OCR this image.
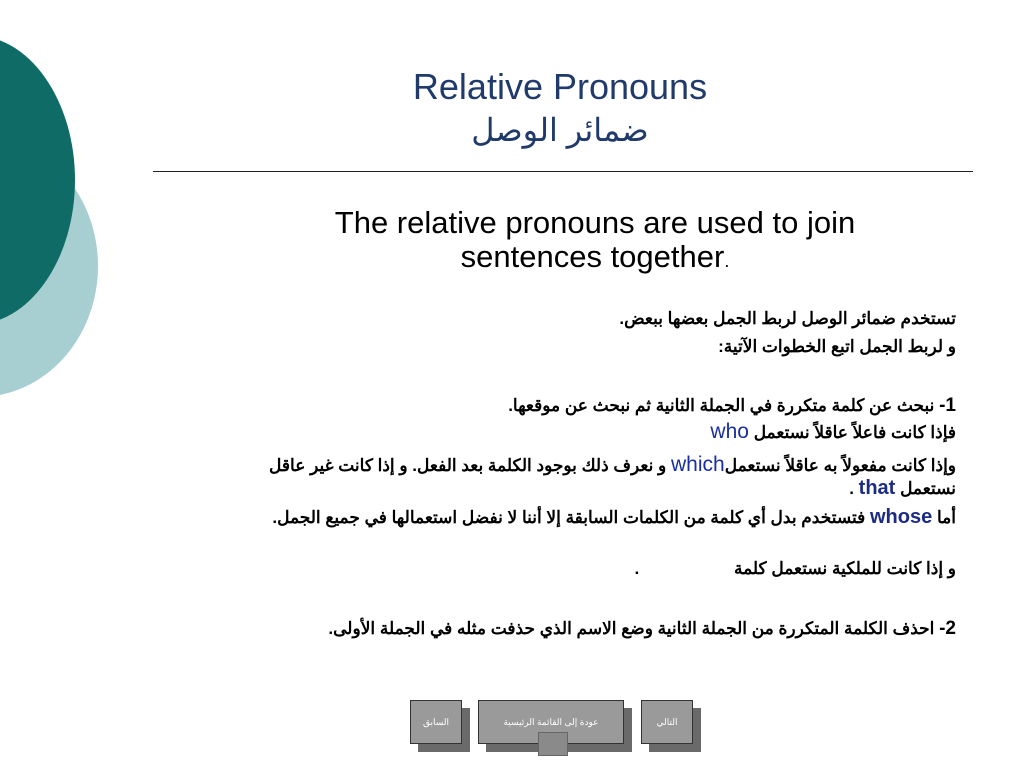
Relative Pronouns
ضمائر الوصل
The relative pronouns are used to join
sentences together.
تستخدم ضمائر الوصل لربط الجمل بعضها ببعض.
و لربط الجمل اتبع الخطوات الآتية:
1- نبحث عن كلمة متكررة في الجملة الثانية ثم نبحث عن موقعها.
فإذا كانت فاعلاً عاقلاً نستعمل who
وإذا كانت مفعولاً به عاقلاً نستعملwhich و نعرف ذلك بوجود الكلمة بعد الفعل. و إذا كانت غير عاقل نستعمل that .
أما whose فتستخدم بدل أي كلمة من الكلمات السابقة إلا أننا لا نفضل استعمالها في جميع الجمل.
و إذا كانت للملكية نستعمل كلمة .
2- احذف الكلمة المتكررة من الجملة الثانية وضع الاسم الذي حذفت مثله في الجملة الأولى.
السابق	عودة إلى القائمة الرئيسية	التالي
